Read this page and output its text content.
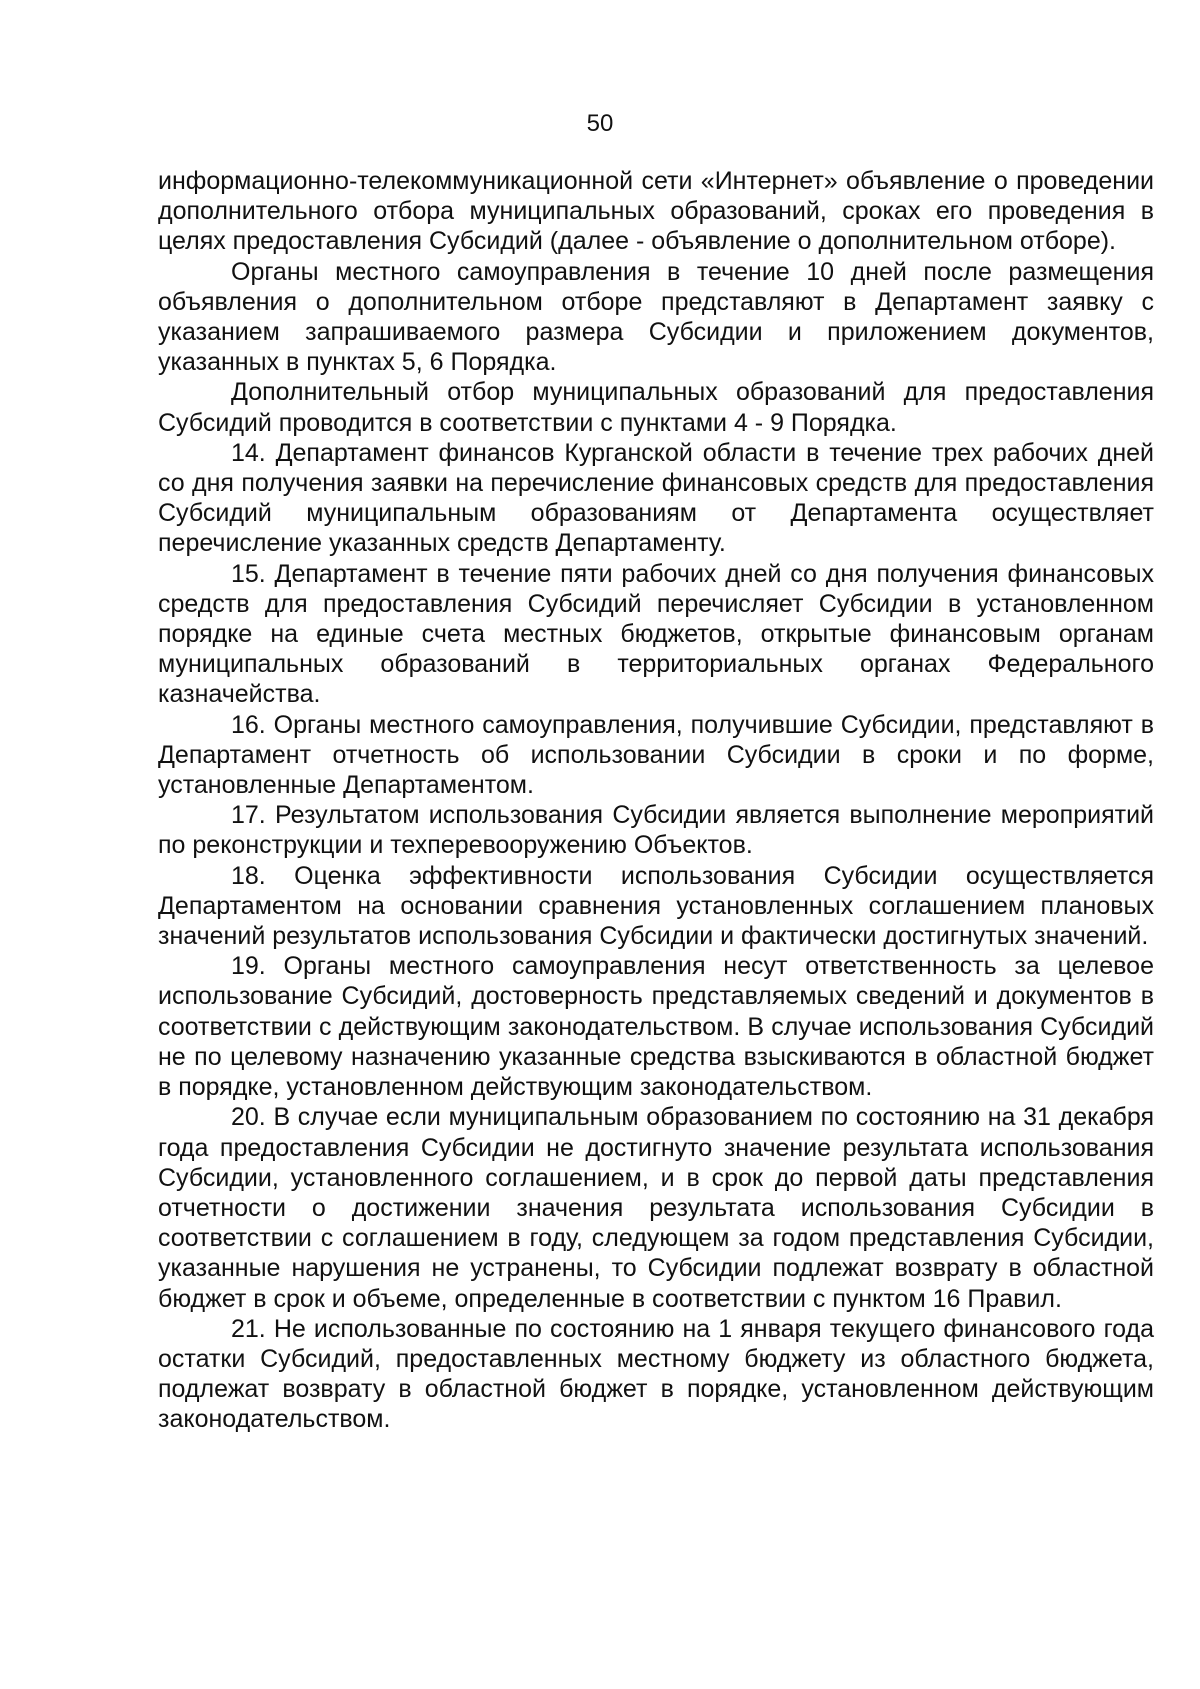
50

информационно-телекоммуникационной сети «Интернет» объявление о проведении дополнительного отбора муниципальных образований, сроках его проведения в целях предоставления Субсидий (далее - объявление о дополнительном отборе).

Органы местного самоуправления в течение 10 дней после размещения объявления о дополнительном отборе представляют в Департамент заявку с указанием запрашиваемого размера Субсидии и приложением документов, указанных в пунктах 5, 6 Порядка.

Дополнительный отбор муниципальных образований для предоставления Субсидий проводится в соответствии с пунктами 4 - 9 Порядка.

14. Департамент финансов Курганской области в течение трех рабочих дней со дня получения заявки на перечисление финансовых средств для предоставления Субсидий муниципальным образованиям от Департамента осуществляет перечисление указанных средств Департаменту.

15. Департамент в течение пяти рабочих дней со дня получения финансовых средств для предоставления Субсидий перечисляет Субсидии в установленном порядке на единые счета местных бюджетов, открытые финансовым органам муниципальных образований в территориальных органах Федерального казначейства.

16. Органы местного самоуправления, получившие Субсидии, представляют в Департамент отчетность об использовании Субсидии в сроки и по форме, установленные Департаментом.

17. Результатом использования Субсидии является выполнение мероприятий по реконструкции и техперевооружению Объектов.

18. Оценка эффективности использования Субсидии осуществляется Департаментом на основании сравнения установленных соглашением плановых значений результатов использования Субсидии и фактически достигнутых значений.

19. Органы местного самоуправления несут ответственность за целевое использование Субсидий, достоверность представляемых сведений и документов в соответствии с действующим законодательством. В случае использования Субсидий не по целевому назначению указанные средства взыскиваются в областной бюджет в порядке, установленном действующим законодательством.

20. В случае если муниципальным образованием по состоянию на 31 декабря года предоставления Субсидии не достигнуто значение результата использования Субсидии, установленного соглашением, и в срок до первой даты представления отчетности о достижении значения результата использования Субсидии в соответствии с соглашением в году, следующем за годом представления Субсидии, указанные нарушения не устранены, то Субсидии подлежат возврату в областной бюджет в срок и объеме, определенные в соответствии с пунктом 16 Правил.

21. Не использованные по состоянию на 1 января текущего финансового года остатки Субсидий, предоставленных местному бюджету из областного бюджета, подлежат возврату в областной бюджет в порядке, установленном действующим законодательством.
